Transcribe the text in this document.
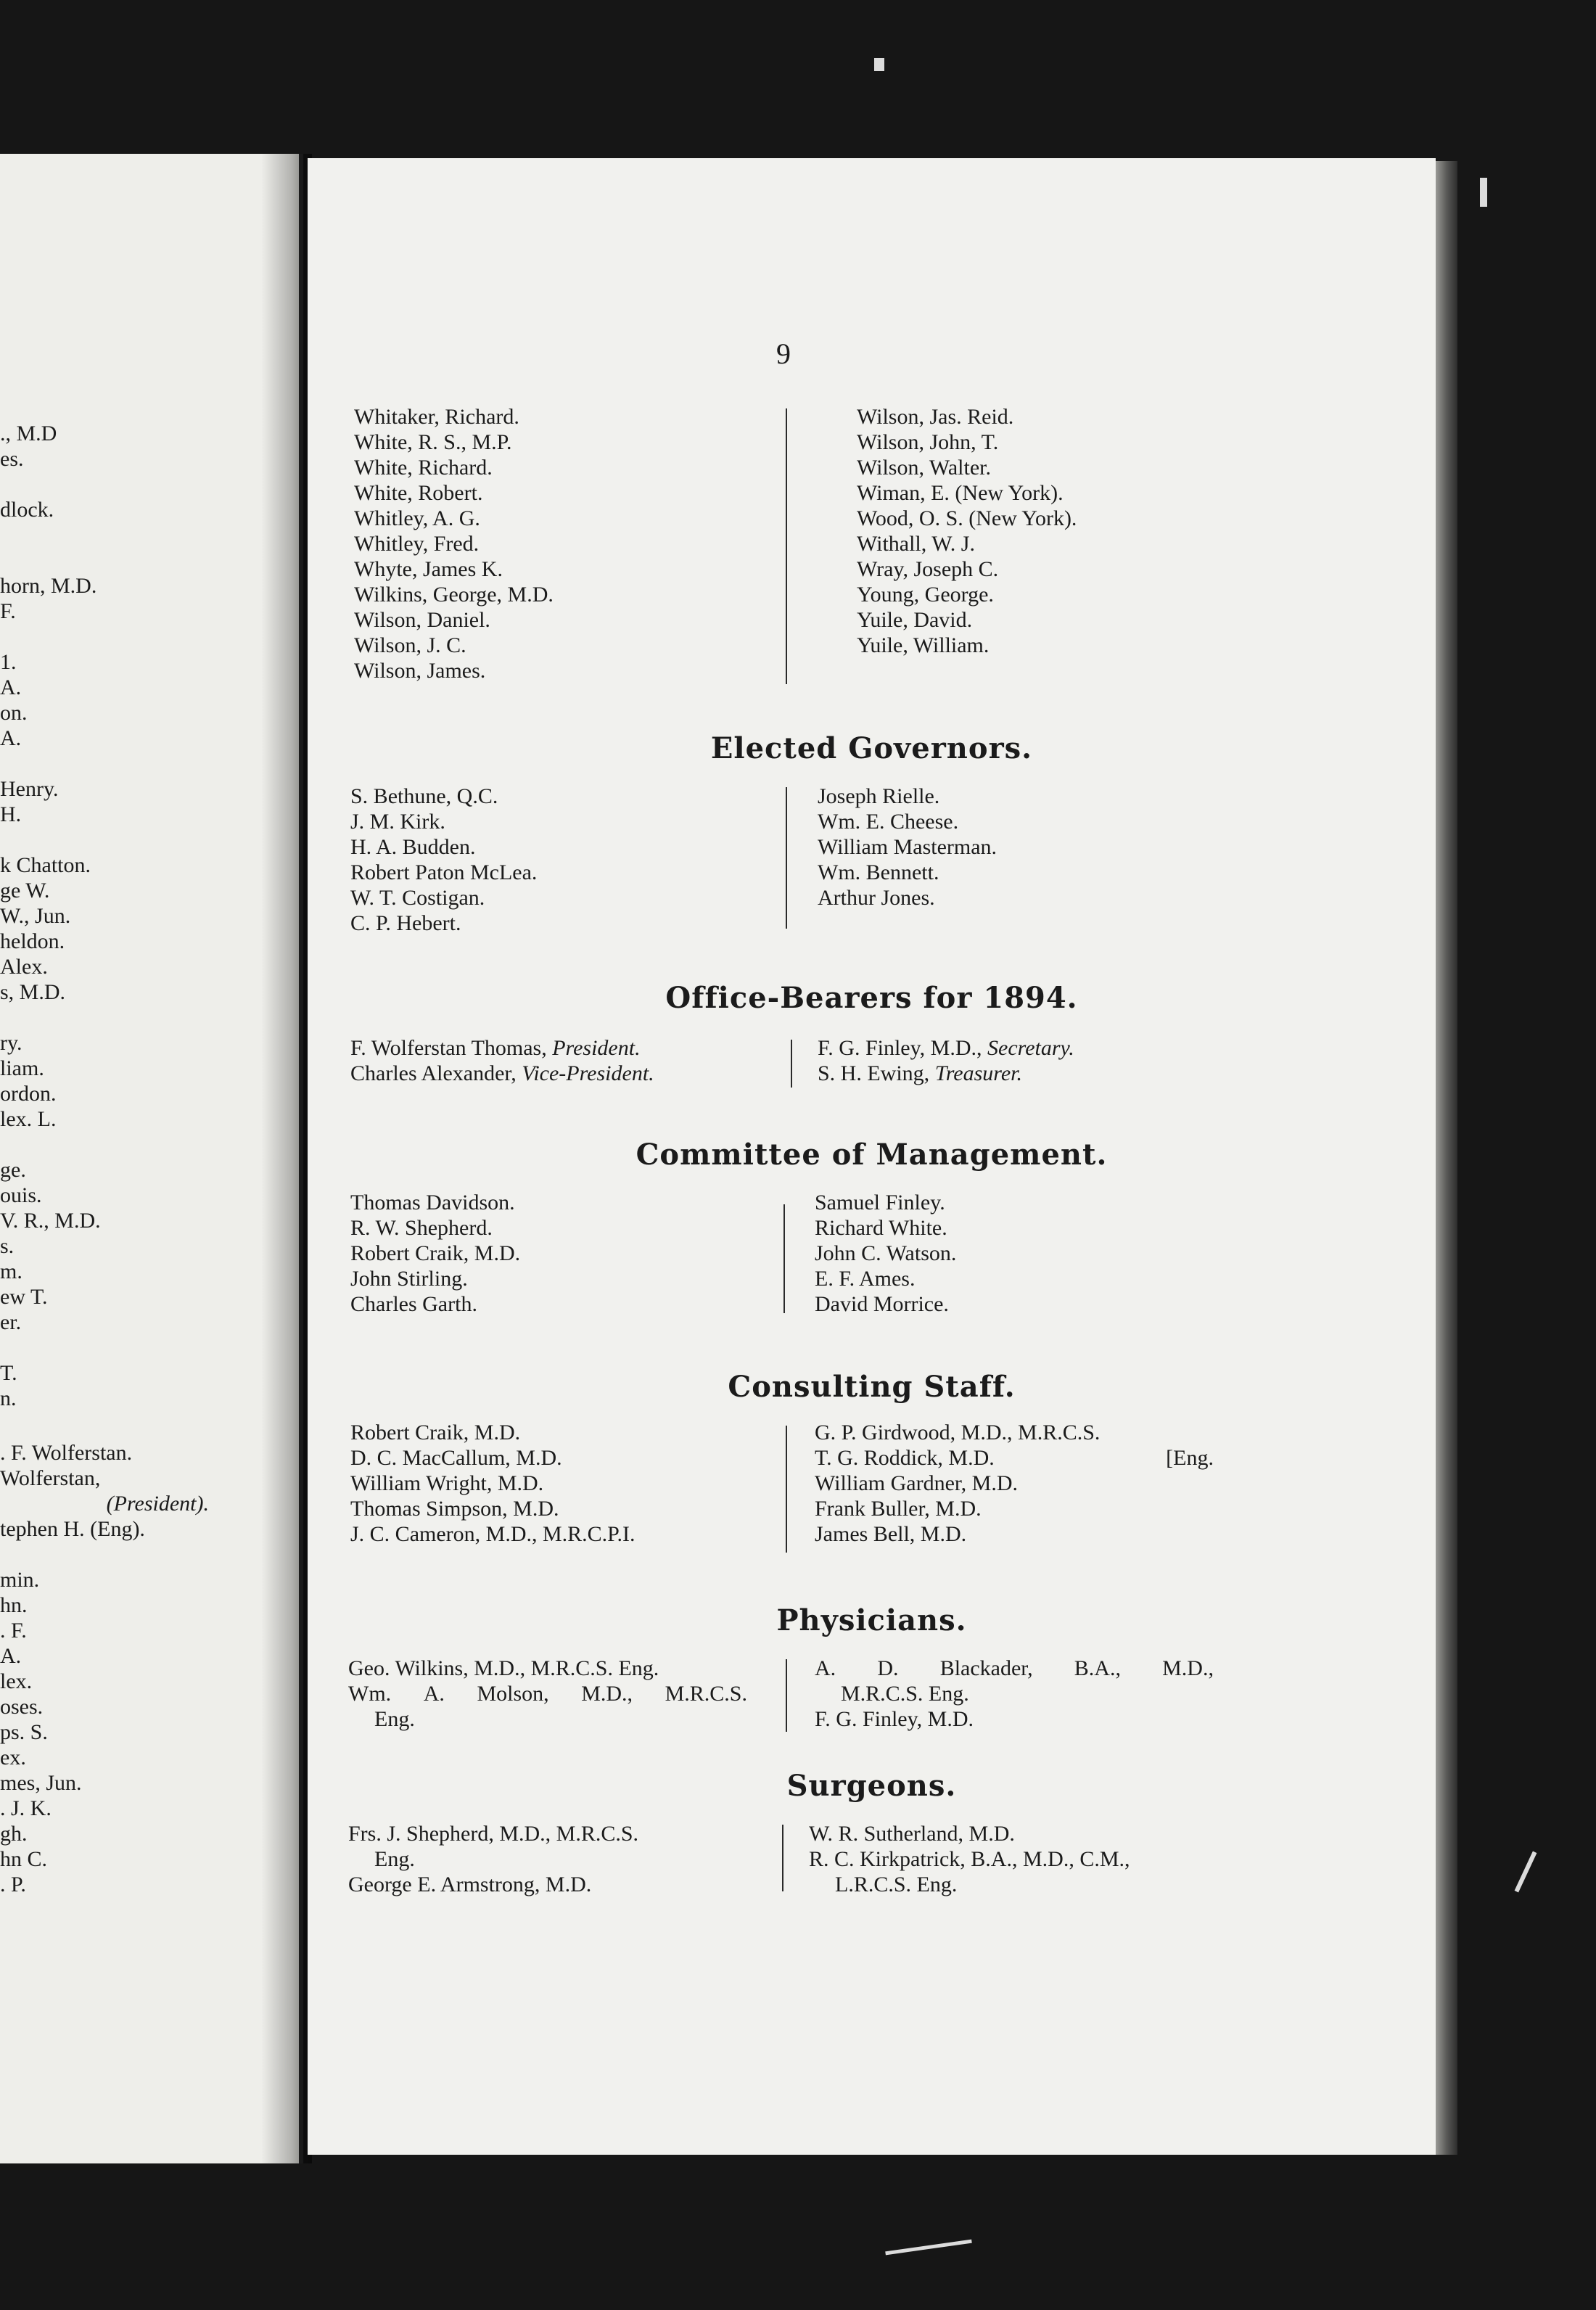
., M.D
es.
dlock.
horn, M.D.
F.
1.
A.
on.
A.
Henry.
H.
k Chatton.
ge W.
W., Jun.
heldon.
Alex.
s, M.D.
ry.
liam.
ordon.
lex. L.
ge.
ouis.
V. R., M.D.
s.
m.
ew T.
er.
T.
n.
. F. Wolferstan.
Wolferstan,
(President).
tephen H. (Eng).
min.
hn.
. F.
A.
lex.
oses.
ps. S.
ex.
mes, Jun.
. J. K.
gh.
hn C.
. P.
9
Whitaker, Richard.
White, R. S., M.P.
White, Richard.
White, Robert.
Whitley, A. G.
Whitley, Fred.
Whyte, James K.
Wilkins, George, M.D.
Wilson, Daniel.
Wilson, J. C.
Wilson, James.
Wilson, Jas. Reid.
Wilson, John, T.
Wilson, Walter.
Wiman, E. (New York).
Wood, O. S. (New York).
Withall, W. J.
Wray, Joseph C.
Young, George.
Yuile, David.
Yuile, William.
Elected Governors.
S. Bethune, Q.C.
J. M. Kirk.
H. A. Budden.
Robert Paton McLea.
W. T. Costigan.
C. P. Hebert.
Joseph Rielle.
Wm. E. Cheese.
William Masterman.
Wm. Bennett.
Arthur Jones.
Office-Bearers for 1894.
F. Wolferstan Thomas, President.
Charles Alexander, Vice-President.
F. G. Finley, M.D., Secretary.
S. H. Ewing, Treasurer.
Committee of Management.
Thomas Davidson.
R. W. Shepherd.
Robert Craik, M.D.
John Stirling.
Charles Garth.
Samuel Finley.
Richard White.
John C. Watson.
E. F. Ames.
David Morrice.
Consulting Staff.
Robert Craik, M.D.
D. C. MacCallum, M.D.
William Wright, M.D.
Thomas Simpson, M.D.
J. C. Cameron, M.D., M.R.C.P.I.
G. P. Girdwood, M.D., M.R.C.S.
T. G. Roddick, M.D.	[Eng.
William Gardner, M.D.
Frank Buller, M.D.
James Bell, M.D.
Physicians.
Geo. Wilkins, M.D., M.R.C.S. Eng.
Wm. A. Molson, M.D., M.R.C.S.
Eng.
A. D. Blackader, B.A., M.D.,
M.R.C.S. Eng.
F. G. Finley, M.D.
Surgeons.
Frs. J. Shepherd, M.D., M.R.C.S.
Eng.
George E. Armstrong, M.D.
W. R. Sutherland, M.D.
R. C. Kirkpatrick, B.A., M.D., C.M.,
L.R.C.S. Eng.
